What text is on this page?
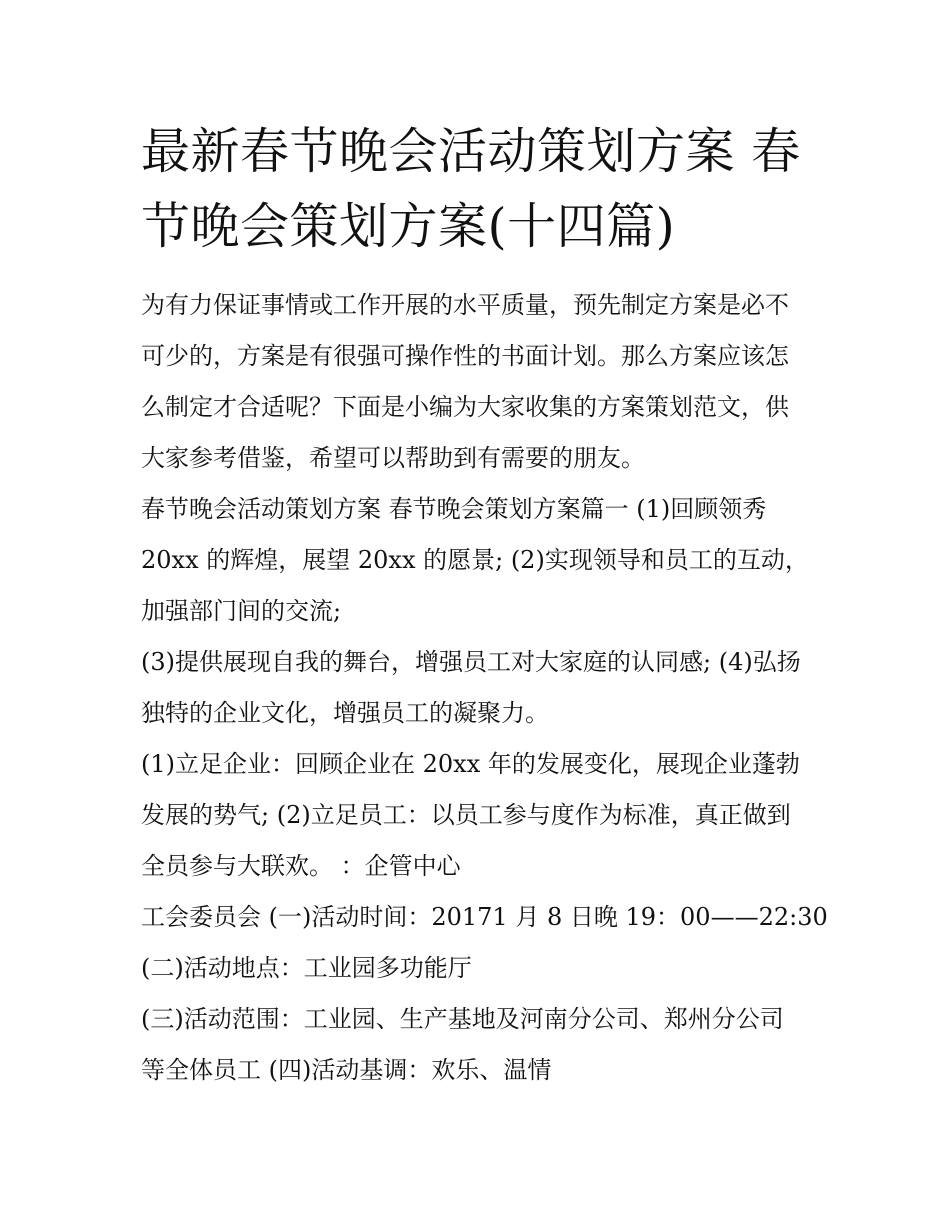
最新春节晚会活动策划方案 春
节晚会策划方案(十四篇)
为有力保证事情或工作开展的水平质量，预先制定方案是必不
可少的，方案是有很强可操作性的书面计划。那么方案应该怎
么制定才合适呢？下面是小编为大家收集的方案策划范文，供
大家参考借鉴，希望可以帮助到有需要的朋友。
春节晚会活动策划方案 春节晚会策划方案篇一 (1)回顾领秀
20xx 的辉煌，展望 20xx 的愿景; (2)实现领导和员工的互动，
加强部门间的交流;
(3)提供展现自我的舞台，增强员工对大家庭的认同感; (4)弘扬
独特的企业文化，增强员工的凝聚力。
(1)立足企业：回顾企业在 20xx 年的发展变化，展现企业蓬勃
发展的势气; (2)立足员工：以员工参与度作为标准，真正做到
全员参与大联欢。 ：企管中心
工会委员会 (一)活动时间：20171 月 8 日晚 19：00——22:30
(二)活动地点：工业园多功能厅
(三)活动范围：工业园、生产基地及河南分公司、郑州分公司
等全体员工 (四)活动基调：欢乐、温情
